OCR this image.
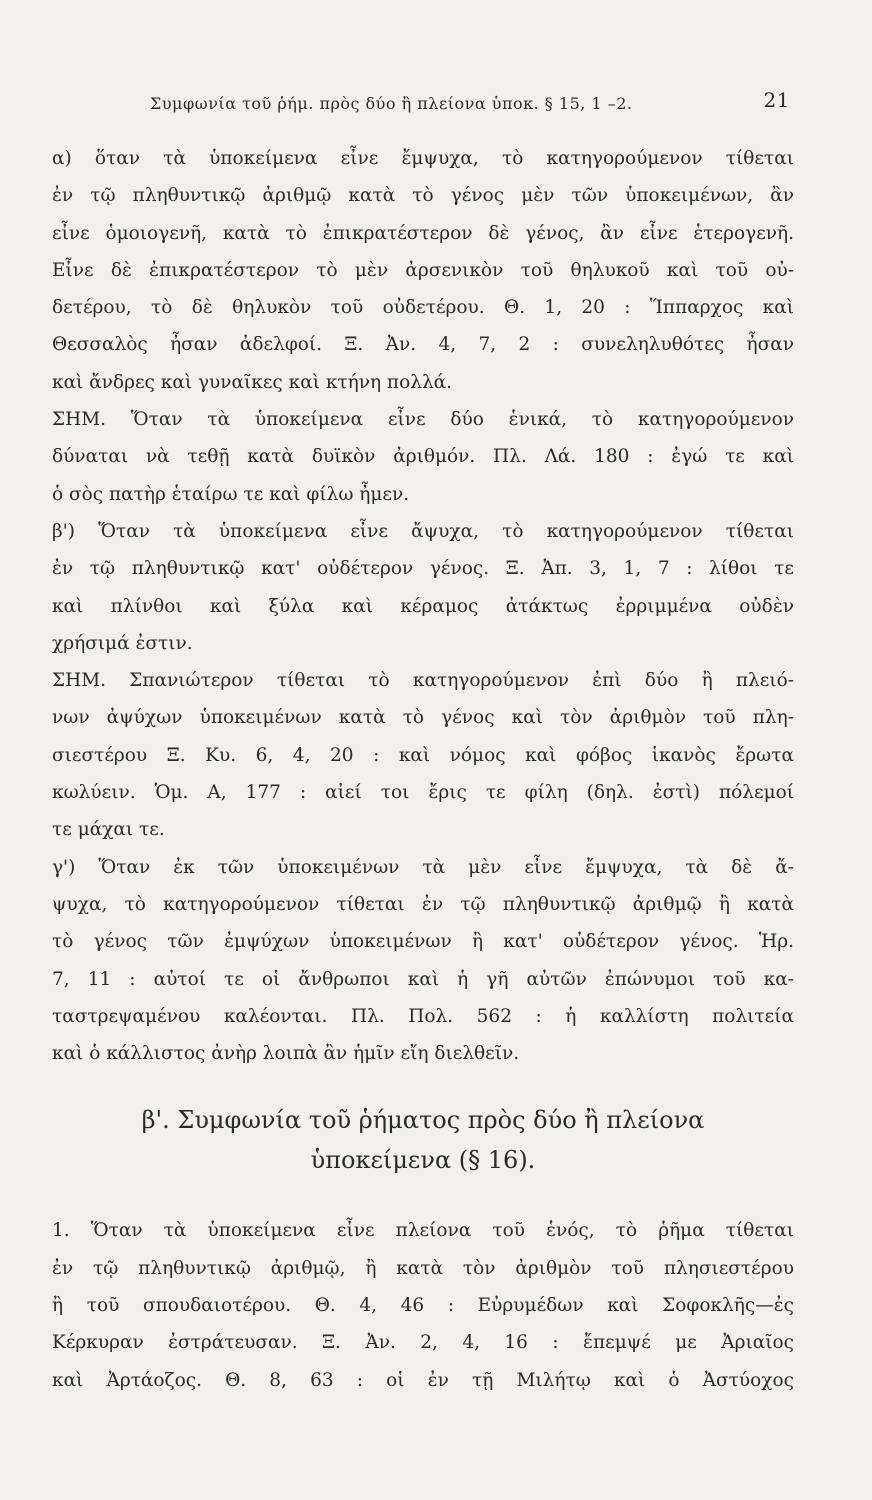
Συμφωνία τοῦ ῥήμ. πρὸς δύο ἢ πλείονα ὑποκ. § 15, 1 –2.	21
α) ὅταν τὰ ὑποκείμενα εἶνε ἔμψυχα, τὸ κατηγορούμενον τίθεται
ἐν τῷ πληθυντικῷ ἀριθμῷ κατὰ τὸ γένος μὲν τῶν ὑποκειμένων, ἂν
εἶνε ὁμοιογενῆ, κατὰ τὸ ἐπικρατέστερον δὲ γένος, ἂν εἶνε ἑτερογενῆ.
Εἶνε δὲ ἐπικρατέστερον τὸ μὲν ἀρσενικὸν τοῦ θηλυκοῦ καὶ τοῦ οὐ-
δετέρου, τὸ δὲ θηλυκὸν τοῦ οὐδετέρου. Θ. 1, 20 : Ἵππαρχος καὶ
Θεσσαλὸς ἦσαν ἀδελφοί. Ξ. Ἀν. 4, 7, 2 : συνεληλυθότες ἦσαν
καὶ ἄνδρες καὶ γυναῖκες καὶ κτήνη πολλά.
ΣΗΜ. Ὅταν τὰ ὑποκείμενα εἶνε δύο ἑνικά, τὸ κατηγορούμενον
δύναται νὰ τεθῇ κατὰ δυϊκὸν ἀριθμόν. Πλ. Λά. 180 : ἐγώ τε καὶ
ὁ σὸς πατὴρ ἑταίρω τε καὶ φίλω ἦμεν.
β') Ὅταν τὰ ὑποκείμενα εἶνε ἄψυχα, τὸ κατηγορούμενον τίθεται
ἐν τῷ πληθυντικῷ κατ' οὐδέτερον γένος. Ξ. Ἀπ. 3, 1, 7 : λίθοι τε
καὶ πλίνθοι καὶ ξύλα καὶ κέραμος ἀτάκτως ἐρριμμένα οὐδὲν
χρήσιμά ἐστιν.
ΣΗΜ. Σπανιώτερον τίθεται τὸ κατηγορούμενον ἐπὶ δύο ἢ πλειό-
νων ἀψύχων ὑποκειμένων κατὰ τὸ γένος καὶ τὸν ἀριθμὸν τοῦ πλη-
σιεστέρου Ξ. Κυ. 6, 4, 20 : καὶ νόμος καὶ φόβος ἱκανὸς ἔρωτα
κωλύειν. Ὁμ. Α, 177 : αἰεί τοι ἔρις τε φίλη (δηλ. ἐστὶ) πόλεμοί
τε μάχαι τε.
γ') Ὅταν ἐκ τῶν ὑποκειμένων τὰ μὲν εἶνε ἔμψυχα, τὰ δὲ ἄ-
ψυχα, τὸ κατηγορούμενον τίθεται ἐν τῷ πληθυντικῷ ἀριθμῷ ἢ κατὰ
τὸ γένος τῶν ἐμψύχων ὑποκειμένων ἢ κατ' οὐδέτερον γένος. Ἡρ.
7, 11 : αὐτοί τε οἱ ἄνθρωποι καὶ ἡ γῆ αὐτῶν ἐπώνυμοι τοῦ κα-
ταστρεψαμένου καλέονται. Πλ. Πολ. 562 : ἡ καλλίστη πολιτεία
καὶ ὁ κάλλιστος ἀνὴρ λοιπὰ ἂν ἡμῖν εἴη διελθεῖν.
β'. Συμφωνία τοῦ ῥήματος πρὸς δύο ἢ πλείονα
ὑποκείμενα (§ 16).
1. Ὅταν τὰ ὑποκείμενα εἶνε πλείονα τοῦ ἑνός, τὸ ῥῆμα τίθεται
ἐν τῷ πληθυντικῷ ἀριθμῷ, ἢ κατὰ τὸν ἀριθμὸν τοῦ πλησιεστέρου
ἢ τοῦ σπουδαιοτέρου. Θ. 4, 46 : Εὐρυμέδων καὶ Σοφοκλῆς—ἐς
Κέρκυραν ἐστράτευσαν. Ξ. Ἀν. 2, 4, 16 : ἔπεμψέ με Ἀριαῖος
καὶ Ἀρτάοζος. Θ. 8, 63 : οἱ ἐν τῇ Μιλήτῳ καὶ ὁ Ἀστύοχος
